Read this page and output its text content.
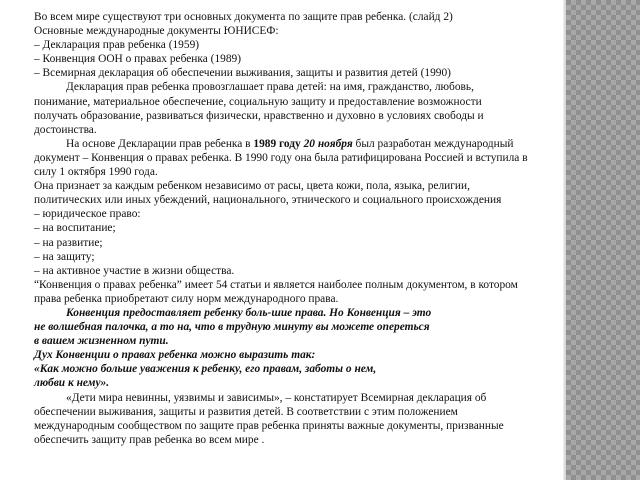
Во всем мире существуют три основных документа по защите прав ребенка. (слайд 2)

Основные международные документы ЮНИСЕФ:

– Декларация прав ребенка (1959)

– Конвенция ООН о правах ребенка (1989)

– Всемирная декларация об обеспечении выживания, защиты и развития детей (1990)

Декларация прав ребенка провозглашает права детей: на имя, гражданство, любовь, понимание, материальное обеспечение, социальную защиту и предоставление возможности получать образование, развиваться физически, нравственно и духовно в условиях свободы и достоинства.

На основе Декларации прав ребенка в 1989 году 20 ноября был разработан международный документ – Конвенция о правах ребенка. В 1990 году она была ратифицирована Россией и вступила в силу 1 октября 1990 года.

Она признает за каждым ребенком независимо от расы, цвета кожи, пола, языка, религии, политических или иных убеждений, национального, этнического и социального происхождения

– юридическое право:

– на воспитание;

– на развитие;

– на защиту;

– на активное участие в жизни общества.

“Конвенция о правах ребенка” имеет 54 статьи и является наиболее полным документом, в котором права ребенка приобретают силу норм международного права.

Конвенция предоставляет ребенку боль-шие права. Но Конвенция – это

не волшебная палочка, а то на, что в трудную минуту вы можете опереться

в вашем жизненном пути.

Дух Конвенции о правах ребенка можно выразить так:

«Как можно больше уважения к ребенку, его правам, заботы о нем,

любви к нему».

«Дети мира невинны, уязвимы и зависимы», – констатирует Всемирная декларация об обеспечении выживания, защиты и развития детей. В соответствии с этим положением международным сообществом по защите прав ребенка приняты важные документы, призванные обеспечить защиту прав ребенка во всем мире .
